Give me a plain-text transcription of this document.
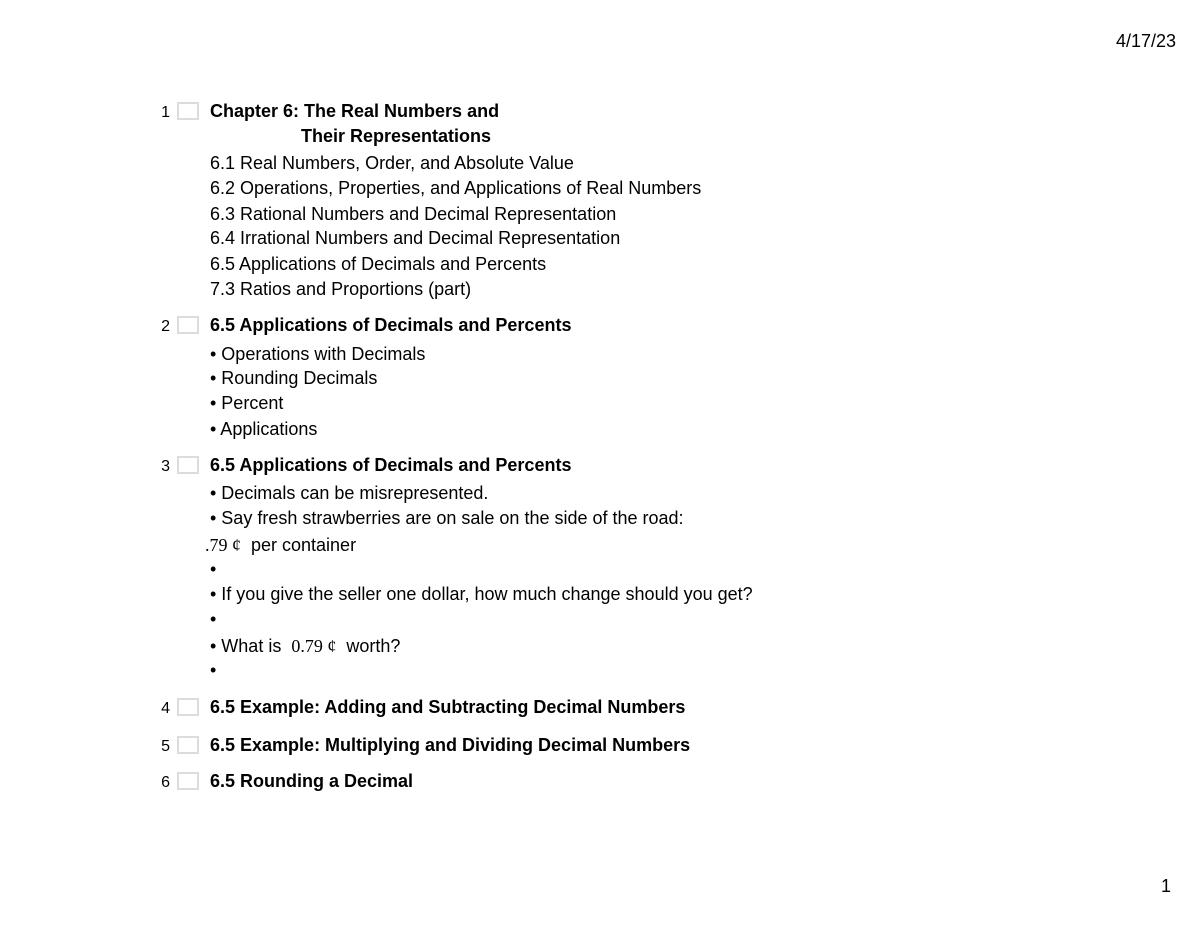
4/17/23
1 Chapter 6: The Real Numbers and
Their Representations
6.1 Real Numbers, Order, and Absolute Value
6.2 Operations, Properties, and Applications of Real Numbers
6.3 Rational Numbers and Decimal Representation
6.4 Irrational Numbers and Decimal Representation
6.5 Applications of Decimals and Percents
7.3 Ratios and Proportions (part)
2 6.5 Applications of Decimals and Percents
• Operations with Decimals
• Rounding Decimals
• Percent
• Applications
3 6.5 Applications of Decimals and Percents
• Decimals can be misrepresented.
• Say fresh strawberries are on sale on the side of the road:
.79 ¢  per container
•
• If you give the seller one dollar, how much change should you get?
•
• What is  0.79 ¢  worth?
•
4 6.5 Example: Adding and Subtracting Decimal Numbers
5 6.5 Example: Multiplying and Dividing Decimal Numbers
6 6.5 Rounding a Decimal
1
